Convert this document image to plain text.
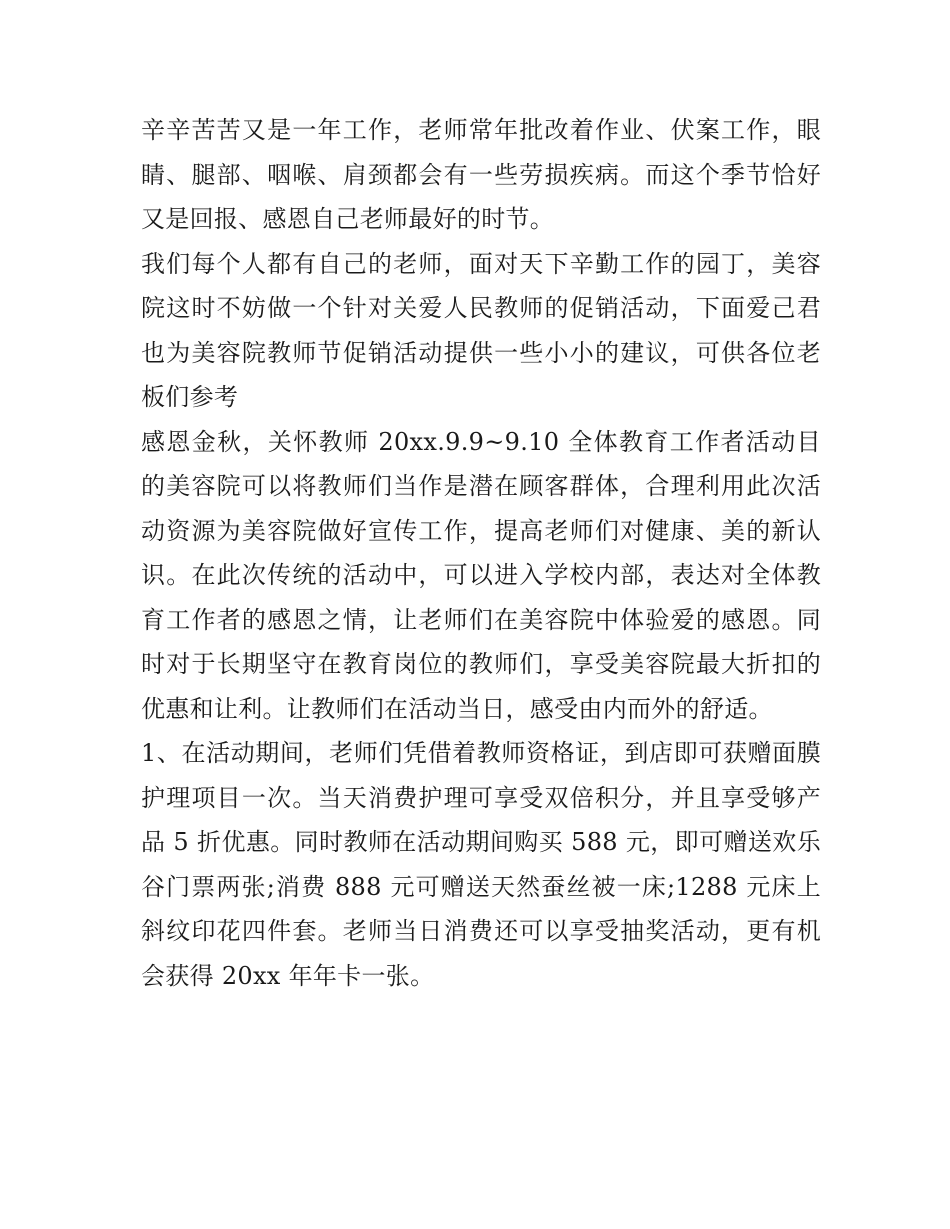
辛辛苦苦又是一年工作，老师常年批改着作业、伏案工作，眼睛、腿部、咽喉、肩颈都会有一些劳损疾病。而这个季节恰好又是回报、感恩自己老师最好的时节。

我们每个人都有自己的老师，面对天下辛勤工作的园丁，美容院这时不妨做一个针对关爱人民教师的促销活动，下面爱己君也为美容院教师节促销活动提供一些小小的建议，可供各位老板们参考

感恩金秋，关怀教师 20xx.9.9~9.10 全体教育工作者活动目的美容院可以将教师们当作是潜在顾客群体，合理利用此次活动资源为美容院做好宣传工作，提高老师们对健康、美的新认识。在此次传统的活动中，可以进入学校内部，表达对全体教育工作者的感恩之情，让老师们在美容院中体验爱的感恩。同时对于长期坚守在教育岗位的教师们，享受美容院最大折扣的优惠和让利。让教师们在活动当日，感受由内而外的舒适。

1、在活动期间，老师们凭借着教师资格证，到店即可获赠面膜护理项目一次。当天消费护理可享受双倍积分，并且享受够产品 5 折优惠。同时教师在活动期间购买 588 元，即可赠送欢乐谷门票两张;消费 888 元可赠送天然蚕丝被一床;1288 元床上斜纹印花四件套。老师当日消费还可以享受抽奖活动，更有机会获得 20xx 年年卡一张。
